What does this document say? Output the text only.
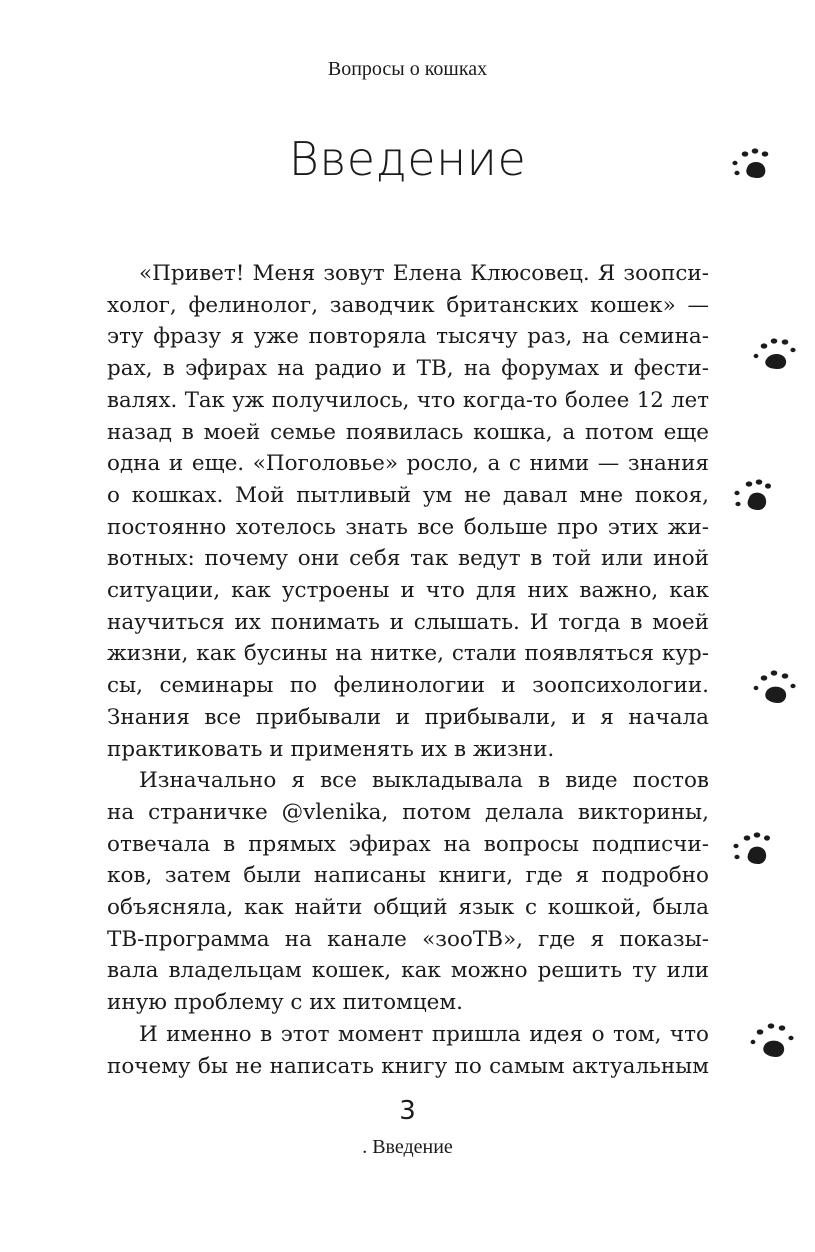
Вопросы о кошках
Введение
«Привет! Меня зовут Елена Клюсовец. Я зоопси-
холог, фелинолог, заводчик британских кошек» —
эту фразу я уже повторяла тысячу раз, на семина-
рах, в эфирах на радио и ТВ, на форумах и фести-
валях. Так уж получилось, что когда-то более 12 лет
назад в моей семье появилась кошка, а потом еще
одна и еще. «Поголовье» росло, а с ними — знания
о кошках. Мой пытливый ум не давал мне покоя,
постоянно хотелось знать все больше про этих жи-
вотных: почему они себя так ведут в той или иной
ситуации, как устроены и что для них важно, как
научиться их понимать и слышать. И тогда в моей
жизни, как бусины на нитке, стали появляться кур-
сы, семинары по фелинологии и зоопсихологии.
Знания все прибывали и прибывали, и я начала
практиковать и применять их в жизни.
Изначально я все выкладывала в виде постов
на страничке @vlenika, потом делала викторины,
отвечала в прямых эфирах на вопросы подписчи-
ков, затем были написаны книги, где я подробно
объясняла, как найти общий язык с кошкой, была
ТВ-программа на канале «зооТВ», где я показы-
вала владельцам кошек, как можно решить ту или
иную проблему с их питомцем.
И именно в этот момент пришла идея о том, что
почему бы не написать книгу по самым актуальным
3
. Введение
